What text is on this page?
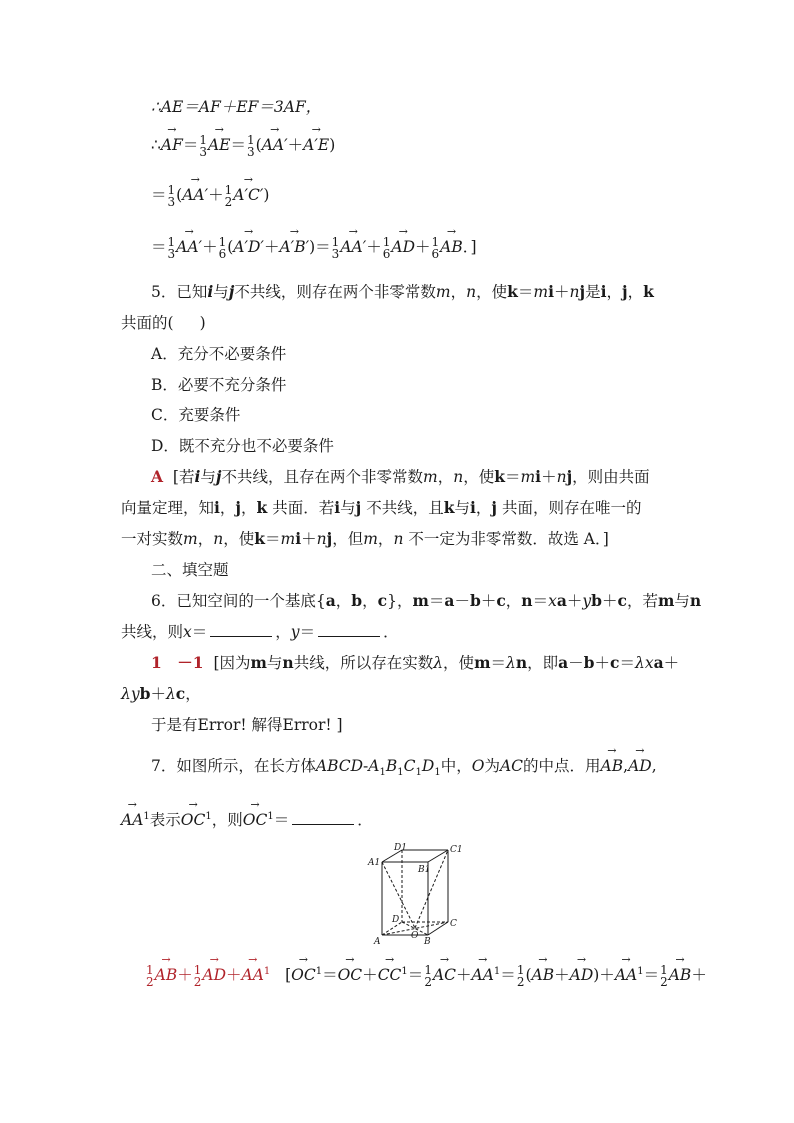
∴AE＝AF＋EF＝3AF，
∴→ AF＝ 1
3
→ AE＝ 1
3 (→ AA′＋→ A′E)
＝ 1
3 (→ AA′＋ 1
2
→ A′C′)
＝ 1
3
→ AA′＋ 1
6 (→ A′D′＋→ A′B′)＝ 1
3
→ AA′＋ 1
6
→ AD＋ 1
6
→ AB．]
5．已知i与j不共线，则存在两个非零常数m，n，使k＝mi＋nj是i，j，k
共面的( )
A．充分不必要条件
B．必要不充分条件
C．充要条件
D．既不充分也不必要条件
A [若i与j不共线，且存在两个非零常数m，n，使k＝mi＋nj，则由共面
向量定理，知i，j，k 共面．若i与j 不共线，且k与i，j 共面，则存在唯一的
一对实数m，n，使k＝mi＋nj，但m，n 不一定为非零常数．故选 A．]
二、填空题
6．已知空间的一个基底{a，b，c}，m＝a－b＋c，n＝xa＋yb＋c，若m与n
共线，则x＝	，y＝	．
1　－1 [因为m与n共线，所以存在实数λ，使m＝λn，即a－b＋c＝λxa＋
λyb＋λc，
于是有Error! 解得Error! ]
7．如图所示，在长方体ABCD-$A_1B_1C_1D_1$中，O为AC的中点．用→ AB,→ AD,
→ $AA^1$表示→ $OC^1$，则→ $OC^1=$	．
D1	C1
A1
B1
D	C
A
O
B
1
2
→ AB＋ 1
2
→ $AD+\to AA^1$   [→ $OC^1=\to OC+\to CC^1= 1$
2
→ $AC+\to AA^1= 1$
2 (→ $AB+\to AD)+\to AA^1= 1$
2
→ AB＋
